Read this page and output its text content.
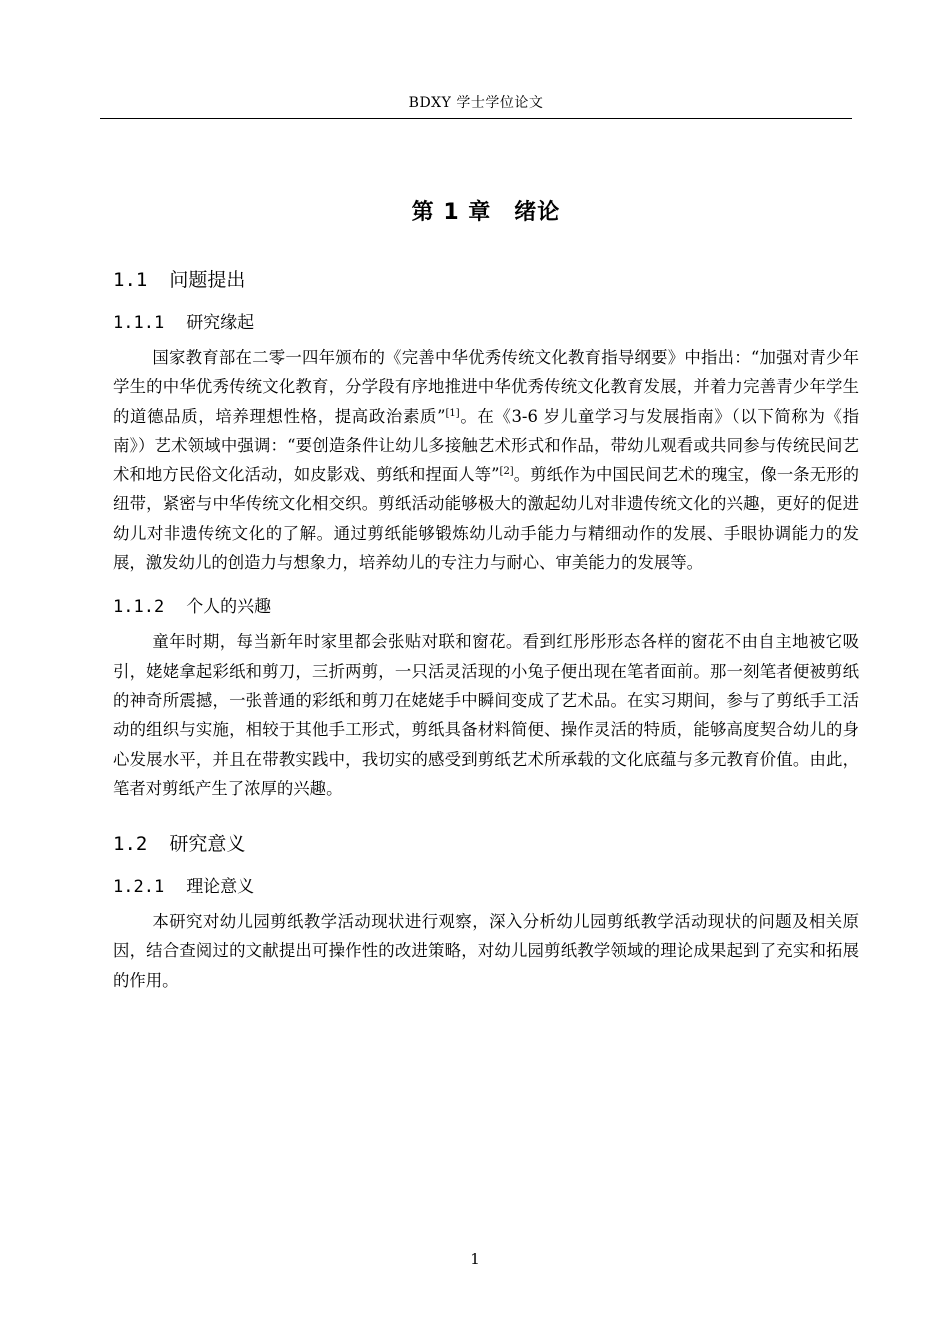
BDXY 学士学位论文
第 1 章　绪论
1.1 问题提出
1.1.1 研究缘起

国家教育部在二零一四年颁布的《完善中华优秀传统文化教育指导纲要》中指出：“加强对青少年学生的中华优秀传统文化教育，分学段有序地推进中华优秀传统文化教育发展，并着力完善青少年学生的道德品质，培养理想性格，提高政治素质”[1]。在《3-6 岁儿童学习与发展指南》（以下简称为《指南》）艺术领域中强调：“要创造条件让幼儿多接触艺术形式和作品，带幼儿观看或共同参与传统民间艺术和地方民俗文化活动，如皮影戏、剪纸和捏面人等”[2]。剪纸作为中国民间艺术的瑰宝，像一条无形的纽带，紧密与中华传统文化相交织。剪纸活动能够极大的激起幼儿对非遗传统文化的兴趣，更好的促进幼儿对非遗传统文化的了解。通过剪纸能够锻炼幼儿动手能力与精细动作的发展、手眼协调能力的发展，激发幼儿的创造力与想象力，培养幼儿的专注力与耐心、审美能力的发展等。

1.1.2 个人的兴趣

童年时期，每当新年时家里都会张贴对联和窗花。看到红彤彤形态各样的窗花不由自主地被它吸引，姥姥拿起彩纸和剪刀，三折两剪，一只活灵活现的小兔子便出现在笔者面前。那一刻笔者便被剪纸的神奇所震撼，一张普通的彩纸和剪刀在姥姥手中瞬间变成了艺术品。在实习期间，参与了剪纸手工活动的组织与实施，相较于其他手工形式，剪纸具备材料简便、操作灵活的特质，能够高度契合幼儿的身心发展水平，并且在带教实践中，我切实的感受到剪纸艺术所承载的文化底蕴与多元教育价值。由此，笔者对剪纸产生了浓厚的兴趣。

1.2 研究意义
1.2.1 理论意义

本研究对幼儿园剪纸教学活动现状进行观察，深入分析幼儿园剪纸教学活动现状的问题及相关原因，结合查阅过的文献提出可操作性的改进策略，对幼儿园剪纸教学领域的理论成果起到了充实和拓展的作用。

1
